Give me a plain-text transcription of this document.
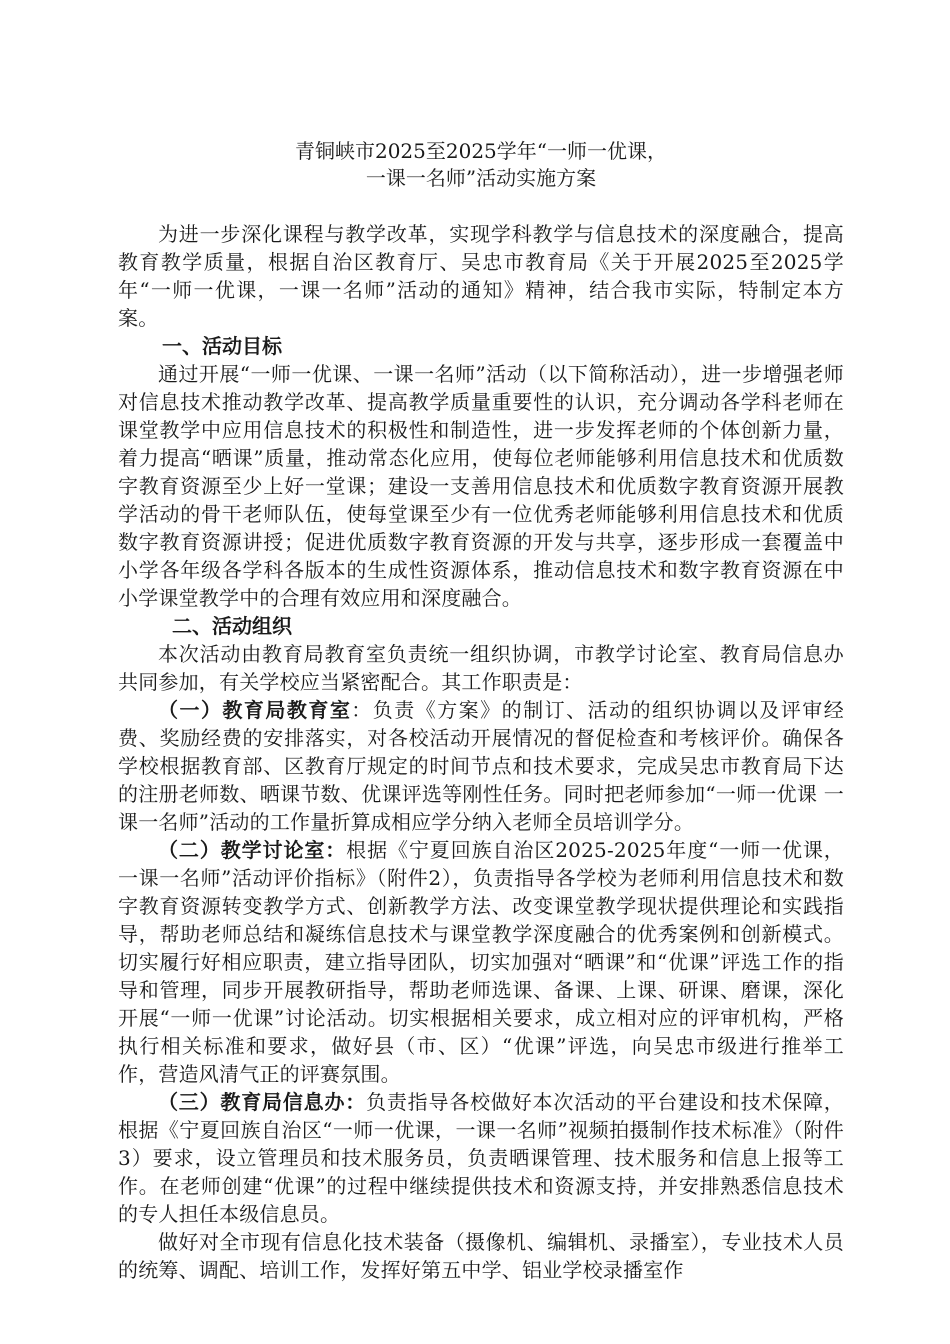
青铜峡市2025至2025学年“一师一优课，
一课一名师”活动实施方案

为进一步深化课程与教学改革，实现学科教学与信息技术的深度融合，提高教育教学质量，根据自治区教育厅、吴忠市教育局《关于开展2025至2025学年“一师一优课，一课一名师”活动的通知》精神，结合我市实际，特制定本方案。

一、活动目标

通过开展“一师一优课、一课一名师”活动（以下简称活动），进一步增强老师对信息技术推动教学改革、提高教学质量重要性的认识，充分调动各学科老师在课堂教学中应用信息技术的积极性和制造性，进一步发挥老师的个体创新力量，着力提高“晒课”质量，推动常态化应用，使每位老师能够利用信息技术和优质数字教育资源至少上好一堂课；建设一支善用信息技术和优质数字教育资源开展教学活动的骨干老师队伍，使每堂课至少有一位优秀老师能够利用信息技术和优质数字教育资源讲授；促进优质数字教育资源的开发与共享，逐步形成一套覆盖中小学各年级各学科各版本的生成性资源体系，推动信息技术和数字教育资源在中小学课堂教学中的合理有效应用和深度融合。

二、活动组织

本次活动由教育局教育室负责统一组织协调，市教学讨论室、教育局信息办共同参加，有关学校应当紧密配合。其工作职责是：

（一）教育局教育室：负责《方案》的制订、活动的组织协调以及评审经费、奖励经费的安排落实，对各校活动开展情况的督促检查和考核评价。确保各学校根据教育部、区教育厅规定的时间节点和技术要求，完成吴忠市教育局下达的注册老师数、晒课节数、优课评选等刚性任务。同时把老师参加“一师一优课 一课一名师”活动的工作量折算成相应学分纳入老师全员培训学分。

（二）教学讨论室：根据《宁夏回族自治区2025-2025年度“一师一优课，一课一名师”活动评价指标》（附件2），负责指导各学校为老师利用信息技术和数字教育资源转变教学方式、创新教学方法、改变课堂教学现状提供理论和实践指导，帮助老师总结和凝练信息技术与课堂教学深度融合的优秀案例和创新模式。切实履行好相应职责，建立指导团队，切实加强对“晒课”和“优课”评选工作的指导和管理，同步开展教研指导，帮助老师选课、备课、上课、研课、磨课，深化开展“一师一优课”讨论活动。切实根据相关要求，成立相对应的评审机构，严格执行相关标准和要求，做好县（市、区）“优课”评选，向吴忠市级进行推举工作，营造风清气正的评赛氛围。

（三）教育局信息办：负责指导各校做好本次活动的平台建设和技术保障，根据《宁夏回族自治区“一师一优课，一课一名师”视频拍摄制作技术标准》（附件3）要求，设立管理员和技术服务员，负责晒课管理、技术服务和信息上报等工作。在老师创建“优课”的过程中继续提供技术和资源支持，并安排熟悉信息技术的专人担任本级信息员。

做好对全市现有信息化技术装备（摄像机、编辑机、录播室），专业技术人员的统筹、调配、培训工作，发挥好第五中学、铝业学校录播室作
